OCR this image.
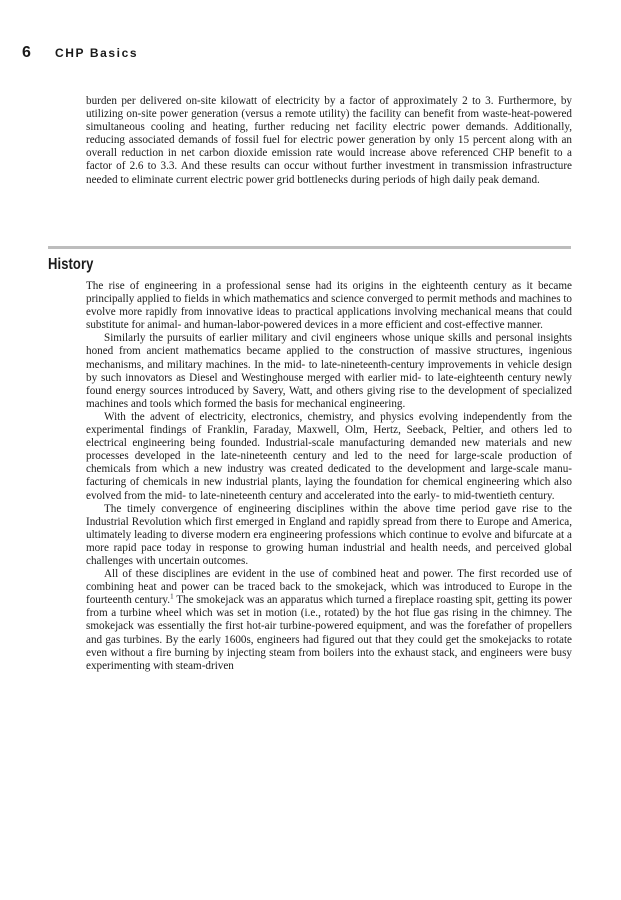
6	CHP Basics

burden per delivered on-site kilowatt of electricity by a factor of approximately 2 to 3. Furthermore, by utilizing on-site power generation (versus a remote utility) the facility can benefit from waste-heat-powered simultaneous cooling and heating, further reducing net facility electric power demands. Additionally, reducing associated demands of fossil fuel for electric power generation by only 15 percent along with an overall reduction in net carbon dioxide emission rate would increase above referenced CHP benefit to a factor of 2.6 to 3.3. And these results can occur without further investment in transmission infrastructure needed to eliminate current electric power grid bottlenecks during periods of high daily peak demand.

History

The rise of engineering in a professional sense had its origins in the eighteenth century as it became principally applied to fields in which mathematics and science converged to permit methods and machines to evolve more rapidly from innovative ideas to practical applications involving mechanical means that could substitute for animal- and human-labor-powered devices in a more efficient and cost-effective manner.

Similarly the pursuits of earlier military and civil engineers whose unique skills and personal insights honed from ancient mathematics became applied to the construction of massive structures, ingenious mechanisms, and military machines. In the mid- to late-nineteenth-century improvements in vehicle design by such innovators as Diesel and Westinghouse merged with earlier mid- to late-eighteenth century newly found energy sources introduced by Savery, Watt, and others giving rise to the development of specialized machines and tools which formed the basis for mechanical engineering.

With the advent of electricity, electronics, chemistry, and physics evolving independently from the experimental findings of Franklin, Faraday, Maxwell, Olm, Hertz, Seeback, Peltier, and others led to electrical engineering being founded. Industrial-scale manufacturing demanded new materials and new processes developed in the late-nineteenth century and led to the need for large-scale production of chemicals from which a new industry was created dedicated to the development and large-scale manufacturing of chemicals in new industrial plants, laying the foundation for chemical engineering which also evolved from the mid- to late-nineteenth century and accelerated into the early- to mid-twentieth century.

The timely convergence of engineering disciplines within the above time period gave rise to the Industrial Revolution which first emerged in England and rapidly spread from there to Europe and America, ultimately leading to diverse modern era engineering professions which continue to evolve and bifurcate at a more rapid pace today in response to growing human industrial and health needs, and perceived global challenges with uncertain outcomes.

All of these disciplines are evident in the use of combined heat and power. The first recorded use of combining heat and power can be traced back to the smokejack, which was introduced to Europe in the fourteenth century.$^1$ The smokejack was an apparatus which turned a fireplace roasting spit, getting its power from a turbine wheel which was set in motion (i.e., rotated) by the hot flue gas rising in the chimney. The smokejack was essentially the first hot-air turbine-powered equipment, and was the forefather of propellers and gas turbines. By the early 1600s, engineers had figured out that they could get the smokejacks to rotate even without a fire burning by injecting steam from boilers into the exhaust stack, and engineers were busy experimenting with steam-driven
